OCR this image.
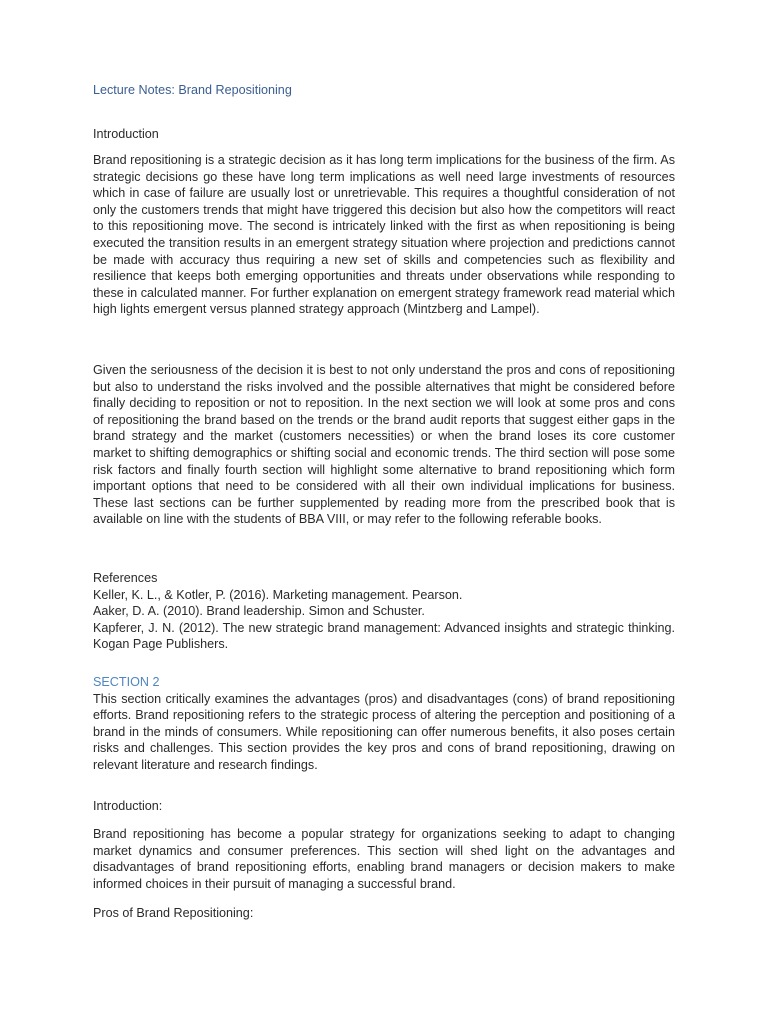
Lecture Notes: Brand Repositioning
Introduction

Brand repositioning is a strategic decision as it has long term implications for the business of the firm. As strategic decisions go these have long term implications as well need large investments of resources which in case of failure are usually lost or unretrievable. This requires a thoughtful consideration of not only the customers trends that might have triggered this decision but also how the competitors will react to this repositioning move. The second is intricately linked with the first as when repositioning is being executed the transition results in an emergent strategy situation where projection and predictions cannot be made with accuracy thus requiring a new set of skills and competencies such as flexibility and resilience that keeps both emerging opportunities and threats under observations while responding to these in calculated manner. For further explanation on emergent strategy framework read material which high lights emergent versus planned strategy approach (Mintzberg and Lampel).

Given the seriousness of the decision it is best to not only understand the pros and cons of repositioning but also to understand the risks involved and the possible alternatives that might be considered before finally deciding to reposition or not to reposition. In the next section we will look at some pros and cons of repositioning the brand based on the trends or the brand audit reports that suggest either gaps in the brand strategy and the market (customers necessities) or when the brand loses its core customer market to shifting demographics or shifting social and economic trends. The third section will pose some risk factors and finally fourth section will highlight some alternative to brand repositioning which form important options that need to be considered with all their own individual implications for business. These last sections can be further supplemented by reading more from the prescribed book that is available on line with the students of BBA VIII, or may refer to the following referable books.

References
Keller, K. L., & Kotler, P. (2016). Marketing management. Pearson.
Aaker, D. A. (2010). Brand leadership. Simon and Schuster.
Kapferer, J. N. (2012). The new strategic brand management: Advanced insights and strategic thinking. Kogan Page Publishers.
SECTION 2

This section critically examines the advantages (pros) and disadvantages (cons) of brand repositioning efforts. Brand repositioning refers to the strategic process of altering the perception and positioning of a brand in the minds of consumers. While repositioning can offer numerous benefits, it also poses certain risks and challenges. This section provides the key pros and cons of brand repositioning, drawing on relevant literature and research findings.

Introduction:

Brand repositioning has become a popular strategy for organizations seeking to adapt to changing market dynamics and consumer preferences. This section will shed light on the advantages and disadvantages of brand repositioning efforts, enabling brand managers or decision makers to make informed choices in their pursuit of managing a successful brand.

Pros of Brand Repositioning:
